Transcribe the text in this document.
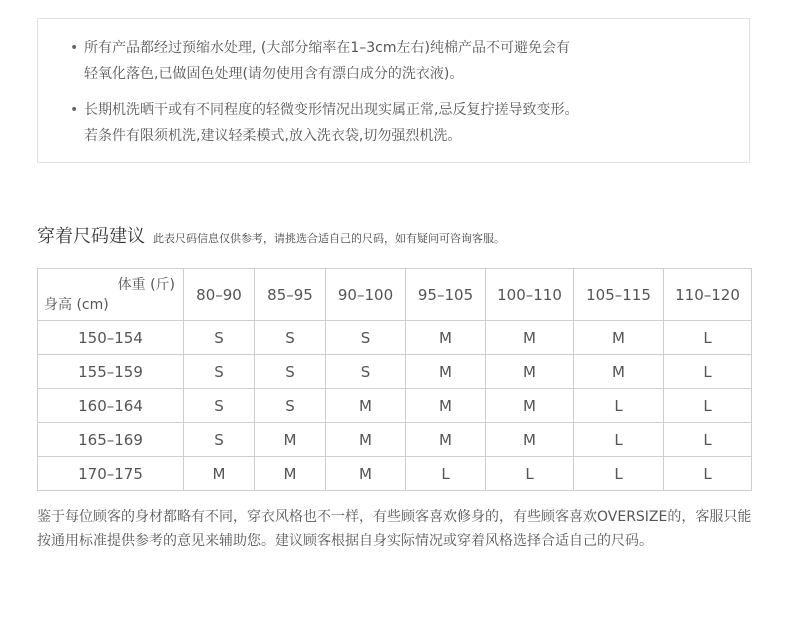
• 所有产品都经过预缩水处理, (大部分缩率在1–3cm左右)纯棉产品不可避免会有
轻氧化落色,已做固色处理(请勿使用含有漂白成分的洗衣液)。
• 长期机洗晒干或有不同程度的轻微变形情况出现实属正常,忌反复拧搓导致变形。
若条件有限须机洗,建议轻柔模式,放入洗衣袋,切勿强烈机洗。
穿着尺码建议 此表尺码信息仅供参考，请挑选合适自己的尺码，如有疑问可咨询客服。
体重 (斤)
身高 (cm)	80–90	85–95	90–100	95–105	100–110	105–115	110–120
150–154	S	S	S	M	M	M	L
155–159	S	S	S	M	M	M	L
160–164	S	S	M	M	M	L	L
165–169	S	M	M	M	M	L	L
170–175	M	M	M	L	L	L	L
鉴于每位顾客的身材都略有不同，穿衣风格也不一样，有些顾客喜欢修身的，有些顾客喜欢OVERSIZE的，客服只能按通用标准提供参考的意见来辅助您。建议顾客根据自身实际情况或穿着风格选择合适自己的尺码。
